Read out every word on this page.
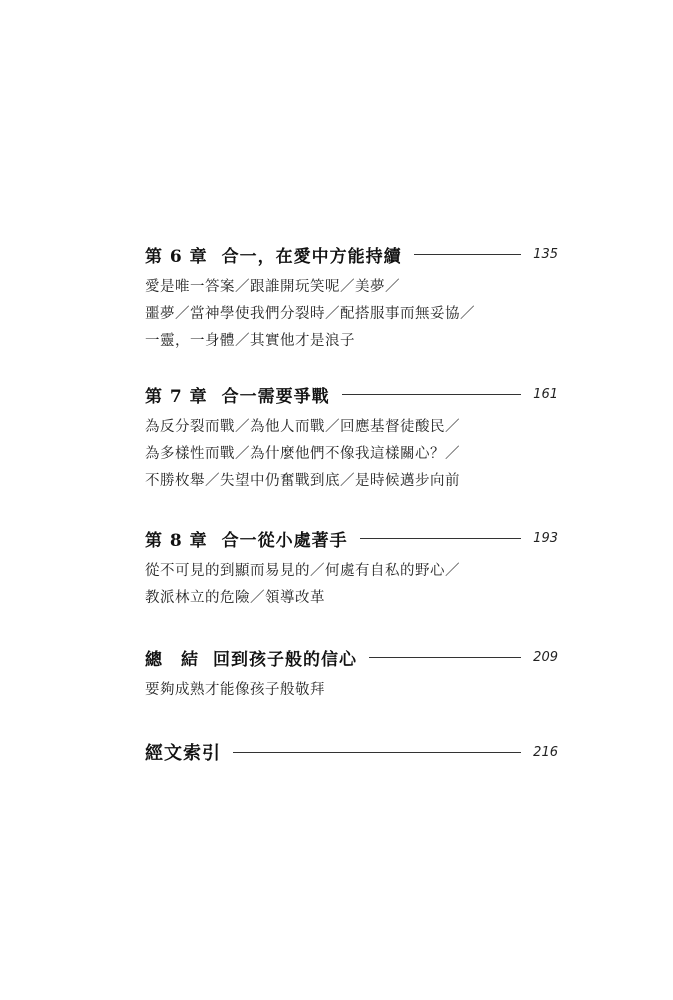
第 6 章 合一，在愛中方能持續	135
愛是唯一答案／跟誰開玩笑呢／美夢／
噩夢／當神學使我們分裂時／配搭服事而無妥協／
一靈，一身體／其實他才是浪子
第 7 章 合一需要爭戰	161
為反分裂而戰／為他人而戰／回應基督徒酸民／
為多樣性而戰／為什麼他們不像我這樣關心？／
不勝枚舉／失望中仍奮戰到底／是時候邁步向前
第 8 章 合一從小處著手	193
從不可見的到顯而易見的／何處有自私的野心／
教派林立的危險／領導改革
總　結 回到孩子般的信心	209
要夠成熟才能像孩子般敬拜
經文索引	216
